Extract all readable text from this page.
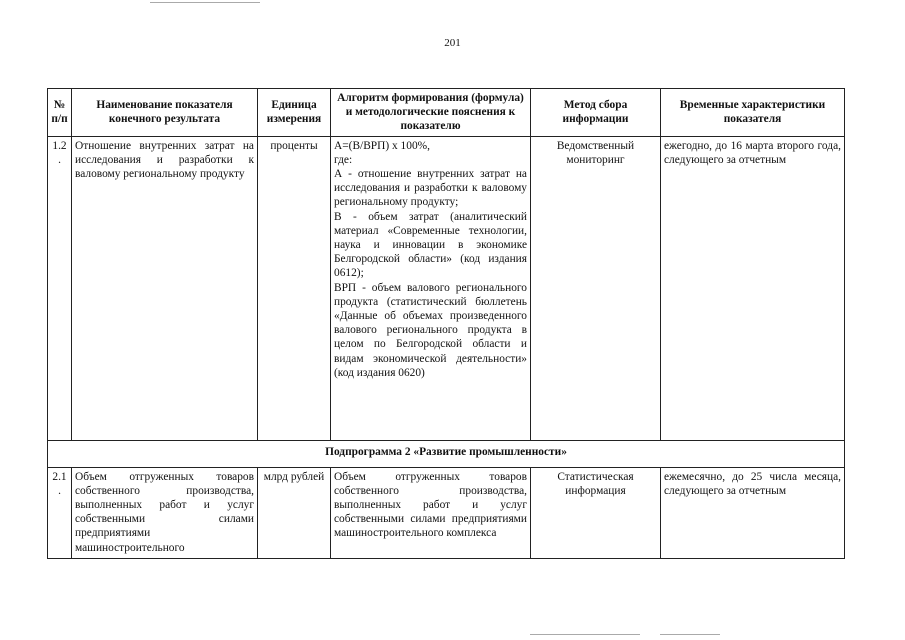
201
№ п/п	Наименование показателя конечного результата	Единица измерения	Алгоритм формирования (формула) и методологические пояснения к показателю	Метод сбора информации	Временные характеристики показателя
1.2.	Отношение внутренних затрат на исследования и разработки к валовому региональному продукту	проценты	А=(В/ВРП) х 100%,
где:
А - отношение внутренних затрат на исследования и разработки к валовому региональному продукту;
В - объем затрат (аналитический материал «Современные технологии, наука и инновации в экономике Белгородской области» (код издания 0612);
ВРП - объем валового регионального продукта (статистический бюллетень «Данные об объемах произведенного валового регионального продукта в целом по Белгородской области и видам экономической деятельности» (код издания 0620)	Ведомственный мониторинг	ежегодно, до 16 марта второго года, следующего за отчетным
Подпрограмма 2 «Развитие промышленности»					
2.1.	Объем отгруженных товаров собственного производства, выполненных работ и услуг собственными силами предприятиями машиностроительного	млрд рублей	Объем отгруженных товаров собственного производства, выполненных работ и услуг собственными силами предприятиями машиностроительного комплекса	Статистическая информация	ежемесячно, до 25 числа месяца, следующего за отчетным
